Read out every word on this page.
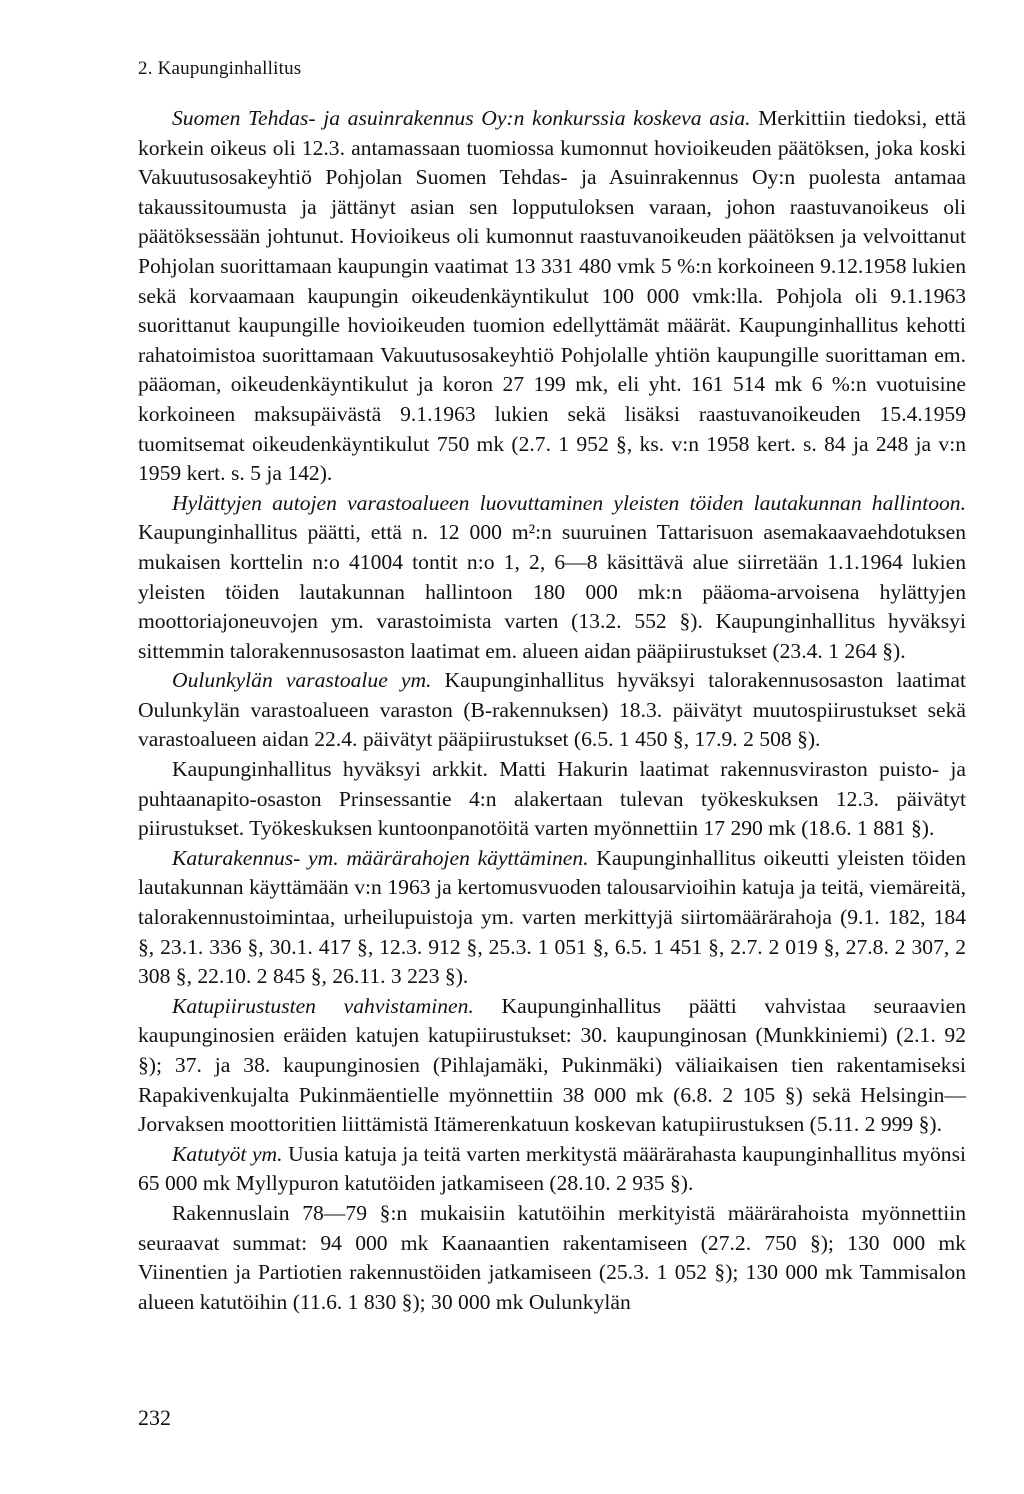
2. Kaupunginhallitus

Suomen Tehdas- ja asuinrakennus Oy:n konkurssia koskeva asia. Merkittiin tiedoksi, että korkein oikeus oli 12.3. antamassaan tuomiossa kumonnut hovioikeuden päätöksen, joka koski Vakuutusosakeyhtiö Pohjolan Suomen Tehdas- ja Asuinrakennus Oy:n puolesta antamaa takaussitoumusta ja jättänyt asian sen lopputuloksen varaan, johon raastuvanoikeus oli päätöksessään johtunut. Hovioikeus oli kumonnut raastuvanoikeuden päätöksen ja velvoittanut Pohjolan suorittamaan kaupungin vaatimat 13 331 480 vmk 5 %:n korkoineen 9.12.1958 lukien sekä korvaamaan kaupungin oikeudenkäyntikulut 100 000 vmk:lla. Pohjola oli 9.1.1963 suorittanut kaupungille hovioikeuden tuomion edellyttämät määrät. Kaupunginhallitus kehotti rahatoimistoa suorittamaan Vakuutusosakeyhtiö Pohjolalle yhtiön kaupungille suorittaman em. pääoman, oikeudenkäyntikulut ja koron 27 199 mk, eli yht. 161 514 mk 6 %:n vuotuisine korkoineen maksupäivästä 9.1.1963 lukien sekä lisäksi raastuvanoikeuden 15.4.1959 tuomitsemat oikeudenkäyntikulut 750 mk (2.7. 1 952 §, ks. v:n 1958 kert. s. 84 ja 248 ja v:n 1959 kert. s. 5 ja 142).

Hylättyjen autojen varastoalueen luovuttaminen yleisten töiden lautakunnan hallintoon. Kaupunginhallitus päätti, että n. 12 000 m²:n suuruinen Tattarisuon asemakaavaehdotuksen mukaisen korttelin n:o 41004 tontit n:o 1, 2, 6—8 käsittävä alue siirretään 1.1.1964 lukien yleisten töiden lautakunnan hallintoon 180 000 mk:n pääoma-arvoisena hylättyjen moottoriajoneuvojen ym. varastoimista varten (13.2. 552 §). Kaupunginhallitus hyväksyi sittemmin talorakennusosaston laatimat em. alueen aidan pääpiirustukset (23.4. 1 264 §).

Oulunkylän varastoalue ym. Kaupunginhallitus hyväksyi talorakennusosaston laatimat Oulunkylän varastoalueen varaston (B-rakennuksen) 18.3. päivätyt muutospiirustukset sekä varastoalueen aidan 22.4. päivätyt pääpiirustukset (6.5. 1 450 §, 17.9. 2 508 §).

Kaupunginhallitus hyväksyi arkkit. Matti Hakurin laatimat rakennusviraston puisto- ja puhtaanapito-osaston Prinsessantie 4:n alakertaan tulevan työkeskuksen 12.3. päivätyt piirustukset. Työkeskuksen kuntoonpanotöitä varten myönnettiin 17 290 mk (18.6. 1 881 §).

Katurakennus- ym. määrärahojen käyttäminen. Kaupunginhallitus oikeutti yleisten töiden lautakunnan käyttämään v:n 1963 ja kertomusvuoden talousarvioihin katuja ja teitä, viemäreitä, talorakennustoimintaa, urheilupuistoja ym. varten merkittyjä siirtomäärärahoja (9.1. 182, 184 §, 23.1. 336 §, 30.1. 417 §, 12.3. 912 §, 25.3. 1 051 §, 6.5. 1 451 §, 2.7. 2 019 §, 27.8. 2 307, 2 308 §, 22.10. 2 845 §, 26.11. 3 223 §).

Katupiirustusten vahvistaminen. Kaupunginhallitus päätti vahvistaa seuraavien kaupunginosien eräiden katujen katupiirustukset: 30. kaupunginosan (Munkkiniemi) (2.1. 92 §); 37. ja 38. kaupunginosien (Pihlajamäki, Pukinmäki) väliaikaisen tien rakentamiseksi Rapakivenkujalta Pukinmäentielle myönnettiin 38 000 mk (6.8. 2 105 §) sekä Helsingin—Jorvaksen moottoritien liittämistä Itämerenkatuun koskevan katupiirustuksen (5.11. 2 999 §).

Katutyöt ym. Uusia katuja ja teitä varten merkitystä määrärahasta kaupunginhallitus myönsi 65 000 mk Myllypuron katutöiden jatkamiseen (28.10. 2 935 §).

Rakennuslain 78—79 §:n mukaisiin katutöihin merkityistä määrärahoista myönnettiin seuraavat summat: 94 000 mk Kaanaantien rakentamiseen (27.2. 750 §); 130 000 mk Viinentien ja Partiotien rakennustöiden jatkamiseen (25.3. 1 052 §); 130 000 mk Tammisalon alueen katutöihin (11.6. 1 830 §); 30 000 mk Oulunkylän

232
